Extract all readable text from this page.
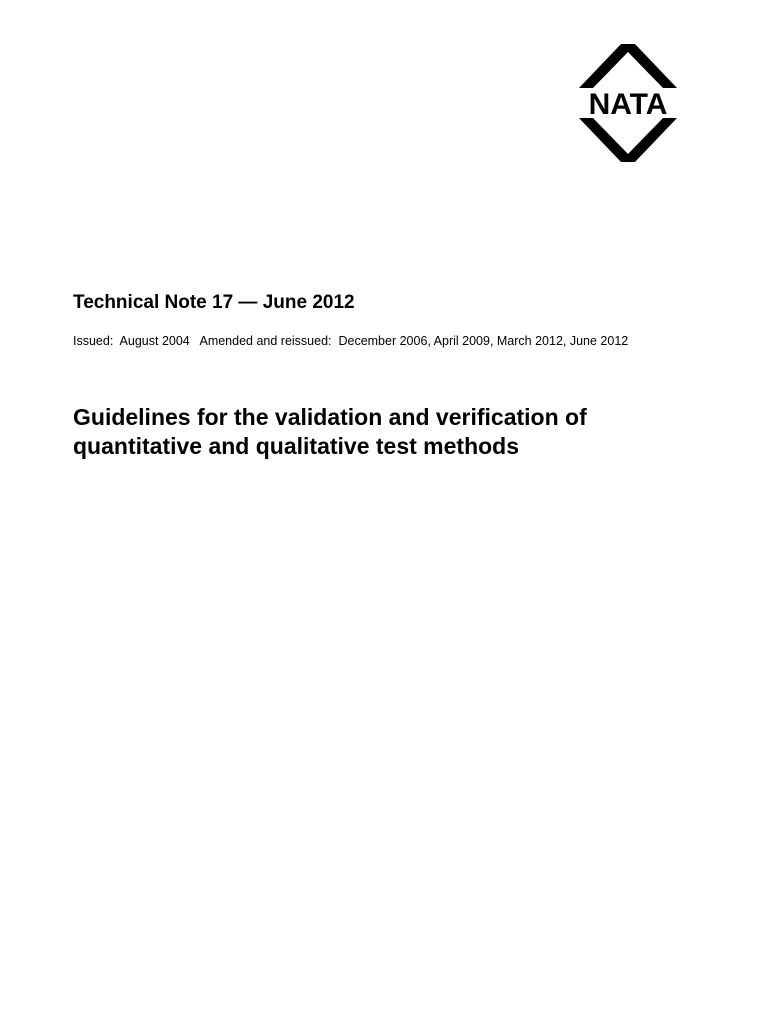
NATA
Technical Note 17 — June 2012
Issued:  August 2004   Amended and reissued:  December 2006, April 2009, March 2012, June 2012
Guidelines for the validation and verification of
quantitative and qualitative test methods
